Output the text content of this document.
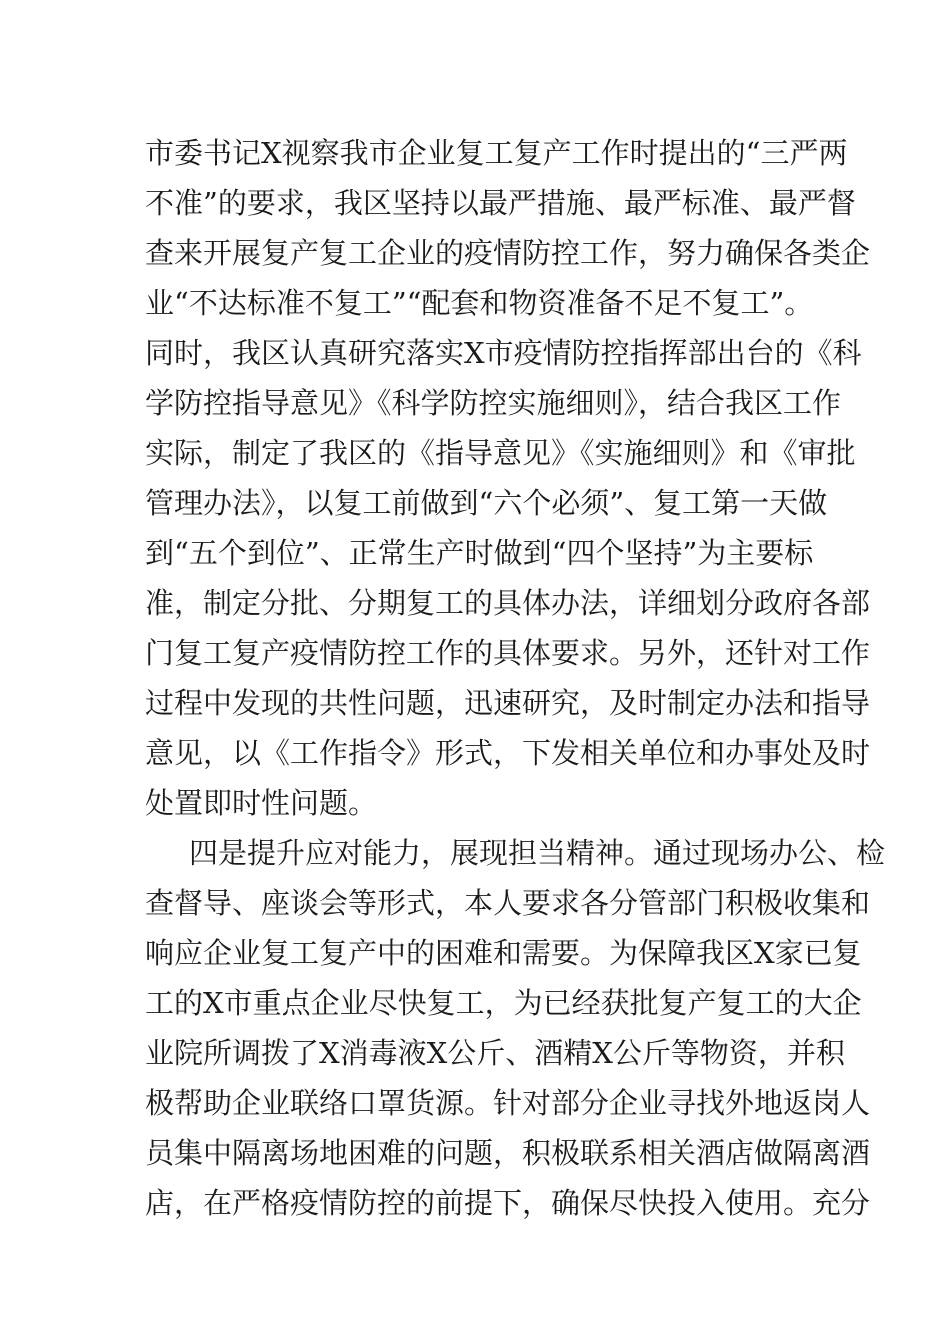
市委书记X视察我市企业复工复产工作时提出的“三严两
不准”的要求，我区坚持以最严措施、最严标准、最严督
查来开展复产复工企业的疫情防控工作，努力确保各类企
业“不达标准不复工”“配套和物资准备不足不复工”。
同时，我区认真研究落实X市疫情防控指挥部出台的《科
学防控指导意见》《科学防控实施细则》，结合我区工作
实际，制定了我区的《指导意见》《实施细则》和《审批
管理办法》，以复工前做到“六个必须”、复工第一天做
到“五个到位”、正常生产时做到“四个坚持”为主要标
准，制定分批、分期复工的具体办法，详细划分政府各部
门复工复产疫情防控工作的具体要求。另外，还针对工作
过程中发现的共性问题，迅速研究，及时制定办法和指导
意见，以《工作指令》形式，下发相关单位和办事处及时
处置即时性问题。
四是提升应对能力，展现担当精神。通过现场办公、检
查督导、座谈会等形式，本人要求各分管部门积极收集和
响应企业复工复产中的困难和需要。为保障我区X家已复
工的X市重点企业尽快复工，为已经获批复产复工的大企
业院所调拨了X消毒液X公斤、酒精X公斤等物资，并积
极帮助企业联络口罩货源。针对部分企业寻找外地返岗人
员集中隔离场地困难的问题，积极联系相关酒店做隔离酒
店，在严格疫情防控的前提下，确保尽快投入使用。充分
